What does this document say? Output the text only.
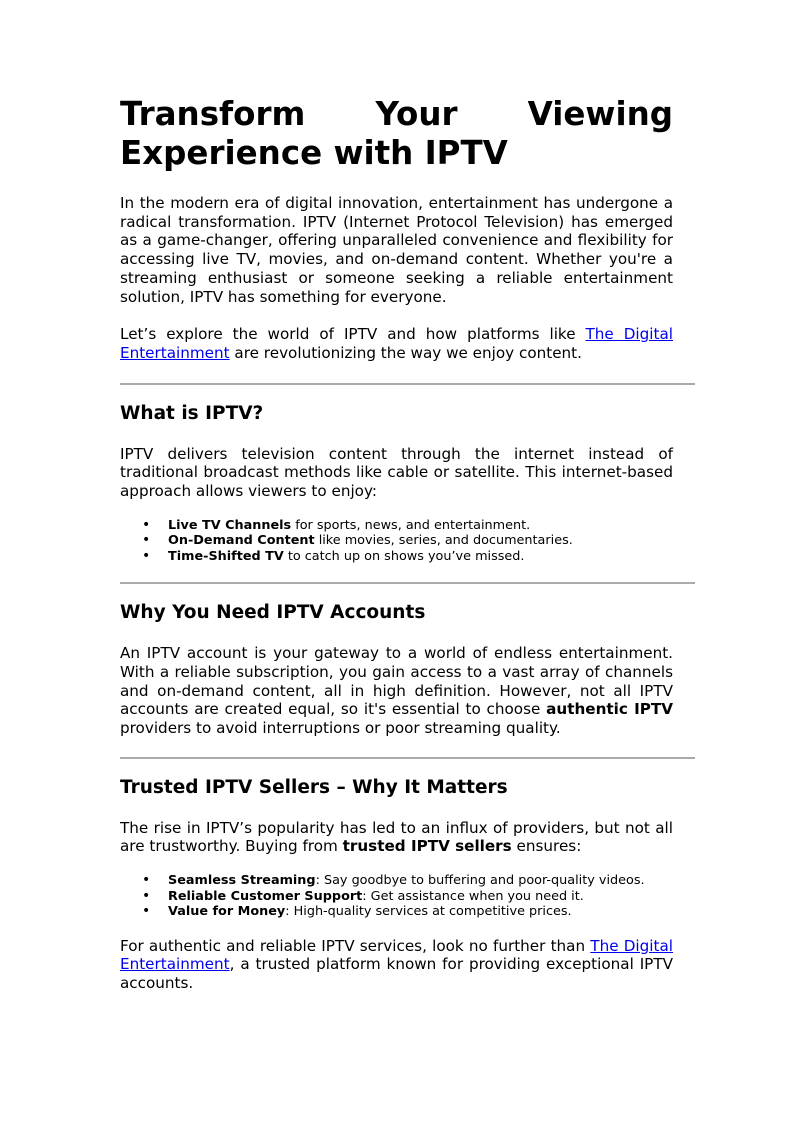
Transform Your Viewing Experience with IPTV

In the modern era of digital innovation, entertainment has undergone a radical transformation. IPTV (Internet Protocol Television) has emerged as a game-changer, offering unparalleled convenience and flexibility for accessing live TV, movies, and on-demand content. Whether you're a streaming enthusiast or someone seeking a reliable entertainment solution, IPTV has something for everyone.

Let’s explore the world of IPTV and how platforms like The Digital Entertainment are revolutionizing the way we enjoy content.

What is IPTV?

IPTV delivers television content through the internet instead of traditional broadcast methods like cable or satellite. This internet-based approach allows viewers to enjoy:

• Live TV Channels for sports, news, and entertainment.
• On-Demand Content like movies, series, and documentaries.
• Time-Shifted TV to catch up on shows you’ve missed.
Why You Need IPTV Accounts

An IPTV account is your gateway to a world of endless entertainment. With a reliable subscription, you gain access to a vast array of channels and on-demand content, all in high definition. However, not all IPTV accounts are created equal, so it's essential to choose authentic IPTV providers to avoid interruptions or poor streaming quality.

Trusted IPTV Sellers – Why It Matters

The rise in IPTV’s popularity has led to an influx of providers, but not all are trustworthy. Buying from trusted IPTV sellers ensures:

• Seamless Streaming: Say goodbye to buffering and poor-quality videos.
• Reliable Customer Support: Get assistance when you need it.
• Value for Money: High-quality services at competitive prices.

For authentic and reliable IPTV services, look no further than The Digital Entertainment, a trusted platform known for providing exceptional IPTV accounts.
